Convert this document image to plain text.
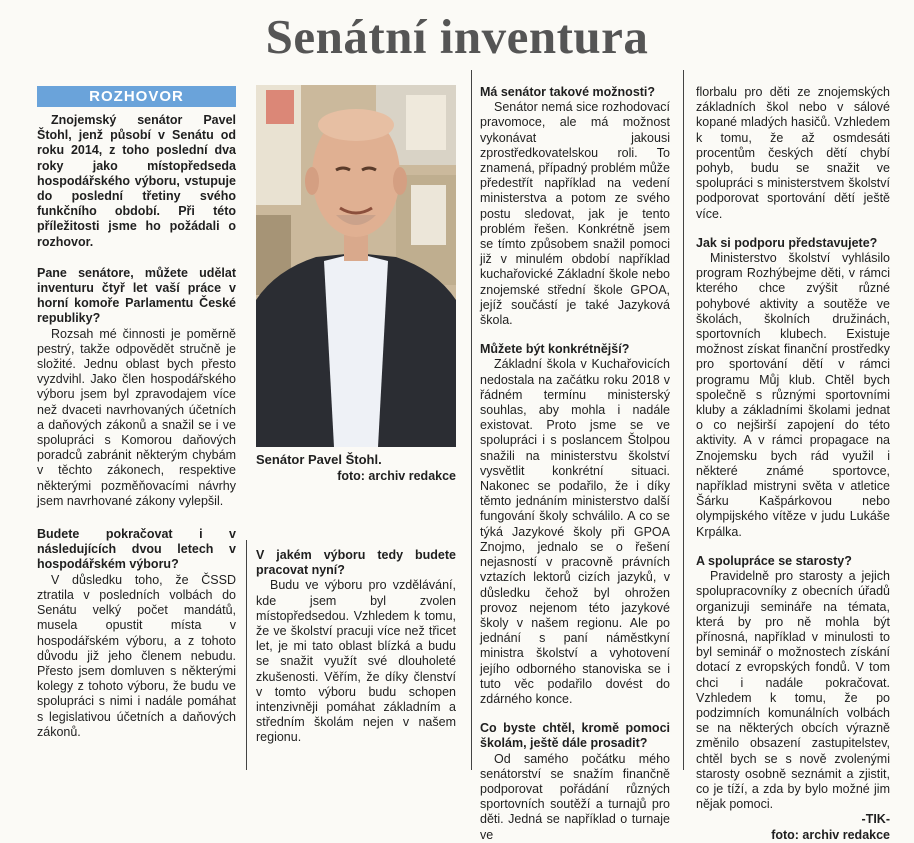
Senátní inventura
ROZHOVOR

Znojemský senátor Pavel Štohl, jenž působí v Senátu od roku 2014, z toho poslední dva roky jako místopředseda hospodářského výboru, vstupuje do poslední třetiny svého funkčního období. Při této příležitosti jsme ho požádali o rozhovor.

Pane senátore, můžete udělat inventuru čtyř let vaší práce v horní komoře Parlamentu České republiky?

Rozsah mé činnosti je poměrně pestrý, takže odpovědět stručně je složité. Jednu oblast bych přesto vyzdvihl. Jako člen hospodářského výboru jsem byl zpravodajem více než dvaceti navrhovaných účetních a daňových zákonů a snažil se i ve spolupráci s Komorou daňových poradců zabránit některým chybám v těchto zákonech, respektive některými pozměňovacími návrhy jsem navrhované zákony vylepšil.

Budete pokračovat i v následujících dvou letech v hospodářském výboru?

V důsledku toho, že ČSSD ztratila v posledních volbách do Senátu velký počet mandátů, musela opustit místa v hospodářském výboru, a z tohoto důvodu již jeho členem nebudu. Přesto jsem domluven s některými kolegy z tohoto výboru, že budu ve spolupráci s nimi i nadále pomáhat s legislativou účetních a daňových zákonů.

Senátor Pavel Štohl.
foto: archiv redakce

V jakém výboru tedy budete pracovat nyní?

Budu ve výboru pro vzdělávání, kde jsem byl zvolen místopředsedou. Vzhledem k tomu, že ve školství pracuji více než třicet let, je mi tato oblast blízká a budu se snažit využít své dlouholeté zkušenosti. Věřím, že díky členství v tomto výboru budu schopen intenzivněji pomáhat základním a středním školám nejen v našem regionu.

Má senátor takové možnosti?

Senátor nemá sice rozhodovací pravomoce, ale má možnost vykonávat jakousi zprostředkovatelskou roli. To znamená, případný problém může předestřít například na vedení ministerstva a potom ze svého postu sledovat, jak je tento problém řešen. Konkrétně jsem se tímto způsobem snažil pomoci již v minulém období například kuchařovické Základní škole nebo znojemské střední škole GPOA, jejíž součástí je také Jazyková škola.

Můžete být konkrétnější?

Základní škola v Kuchařovicích nedostala na začátku roku 2018 v řádném termínu ministerský souhlas, aby mohla i nadále existovat. Proto jsme se ve spolupráci i s poslancem Štolpou snažili na ministerstvu školství vysvětlit konkrétní situaci. Nakonec se podařilo, že i díky těmto jednáním ministerstvo další fungování školy schválilo. A co se týká Jazykové školy při GPOA Znojmo, jednalo se o řešení nejasností v pracovně právních vztazích lektorů cizích jazyků, v důsledku čehož byl ohrožen provoz nejenom této jazykové školy v našem regionu. Ale po jednání s paní náměstkyní ministra školství a vyhotovení jejího odborného stanoviska se i tuto věc podařilo dovést do zdárného konce.

Co byste chtěl, kromě pomoci školám, ještě dále prosadit?

Od samého počátku mého senátorství se snažím finančně podporovat pořádání různých sportovních soutěží a turnajů pro děti. Jedná se například o turnaje ve

florbalu pro děti ze znojemských základních škol nebo v sálové kopané mladých hasičů. Vzhledem k tomu, že až osmdesáti procentům českých dětí chybí pohyb, budu se snažit ve spolupráci s ministerstvem školství podporovat sportování dětí ještě více.

Jak si podporu představujete?

Ministerstvo školství vyhlásilo program Rozhýbejme děti, v rámci kterého chce zvýšit různé pohybové aktivity a soutěže ve školách, školních družinách, sportovních klubech. Existuje možnost získat finanční prostředky pro sportování dětí v rámci programu Můj klub. Chtěl bych společně s různými sportovními kluby a základními školami jednat o co nejširší zapojení do této aktivity. A v rámci propagace na Znojemsku bych rád využil i některé známé sportovce, například mistryni světa v atletice Šárku Kašpárkovou nebo olympijského vítěze v judu Lukáše Krpálka.

A spolupráce se starosty?

Pravidelně pro starosty a jejich spolupracovníky z obecních úřadů organizuji semináře na témata, která by pro ně mohla být přínosná, například v minulosti to byl seminář o možnostech získání dotací z evropských fondů. V tom chci i nadále pokračovat. Vzhledem k tomu, že po podzimních komunálních volbách se na některých obcích výrazně změnilo obsazení zastupitelstev, chtěl bych se s nově zvolenými starosty osobně seznámit a zjistit, co je tíží, a zda by bylo možné jim nějak pomoci.

-TIK-

foto: archiv redakce
